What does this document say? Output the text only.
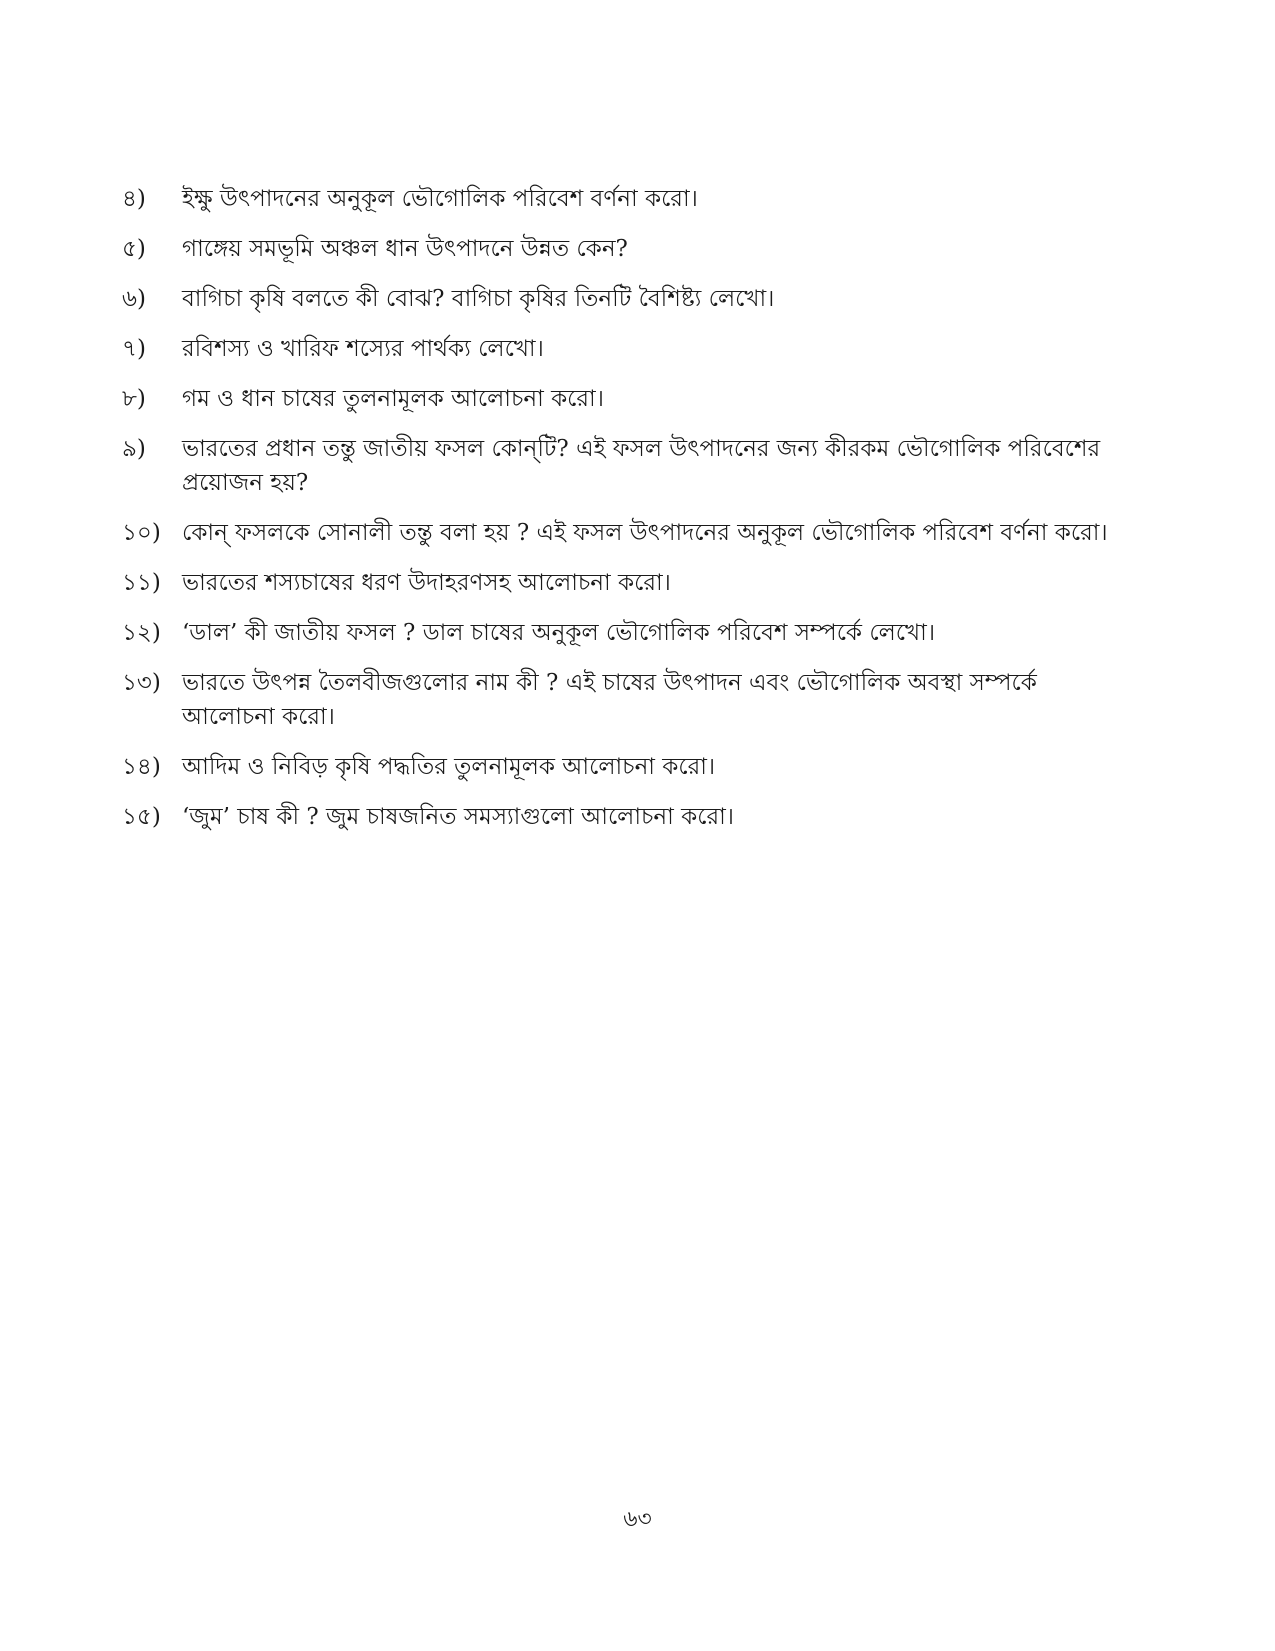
৪)	ইক্ষু উৎপাদনের অনুকূল ভৌগোলিক পরিবেশ বর্ণনা করো।
৫)	গাঙ্গেয় সমভূমি অঞ্চল ধান উৎপাদনে উন্নত কেন?
৬)	বাগিচা কৃষি বলতে কী বোঝ? বাগিচা কৃষির তিনটি বৈশিষ্ট্য লেখো।
৭)	রবিশস্য ও খারিফ শস্যের পার্থক্য লেখো।
৮)	গম ও ধান চাষের তুলনামূলক আলোচনা করো।
৯)	ভারতের প্রধান তন্তু জাতীয় ফসল কোন্‌টি? এই ফসল উৎপাদনের জন্য কীরকম ভৌগোলিক পরিবেশের প্রয়োজন হয়?
১০) কোন্‌ ফসলকে সোনালী তন্তু বলা হয় ? এই ফসল উৎপাদনের অনুকূল ভৌগোলিক পরিবেশ বর্ণনা করো।
১১) ভারতের শস্যচাষের ধরণ উদাহরণসহ আলোচনা করো।
১২) ‘ডাল’ কী জাতীয় ফসল ? ডাল চাষের অনুকূল ভৌগোলিক পরিবেশ সম্পর্কে লেখো।
১৩) ভারতে উৎপন্ন তৈলবীজগুলোর নাম কী ? এই চাষের উৎপাদন এবং ভৌগোলিক অবস্থা সম্পর্কে আলোচনা করো।
১৪) আদিম ও নিবিড় কৃষি পদ্ধতির তুলনামূলক আলোচনা করো।
১৫) ‘জুম’ চাষ কী ? জুম চাষজনিত সমস্যাগুলো আলোচনা করো।
৬৩
